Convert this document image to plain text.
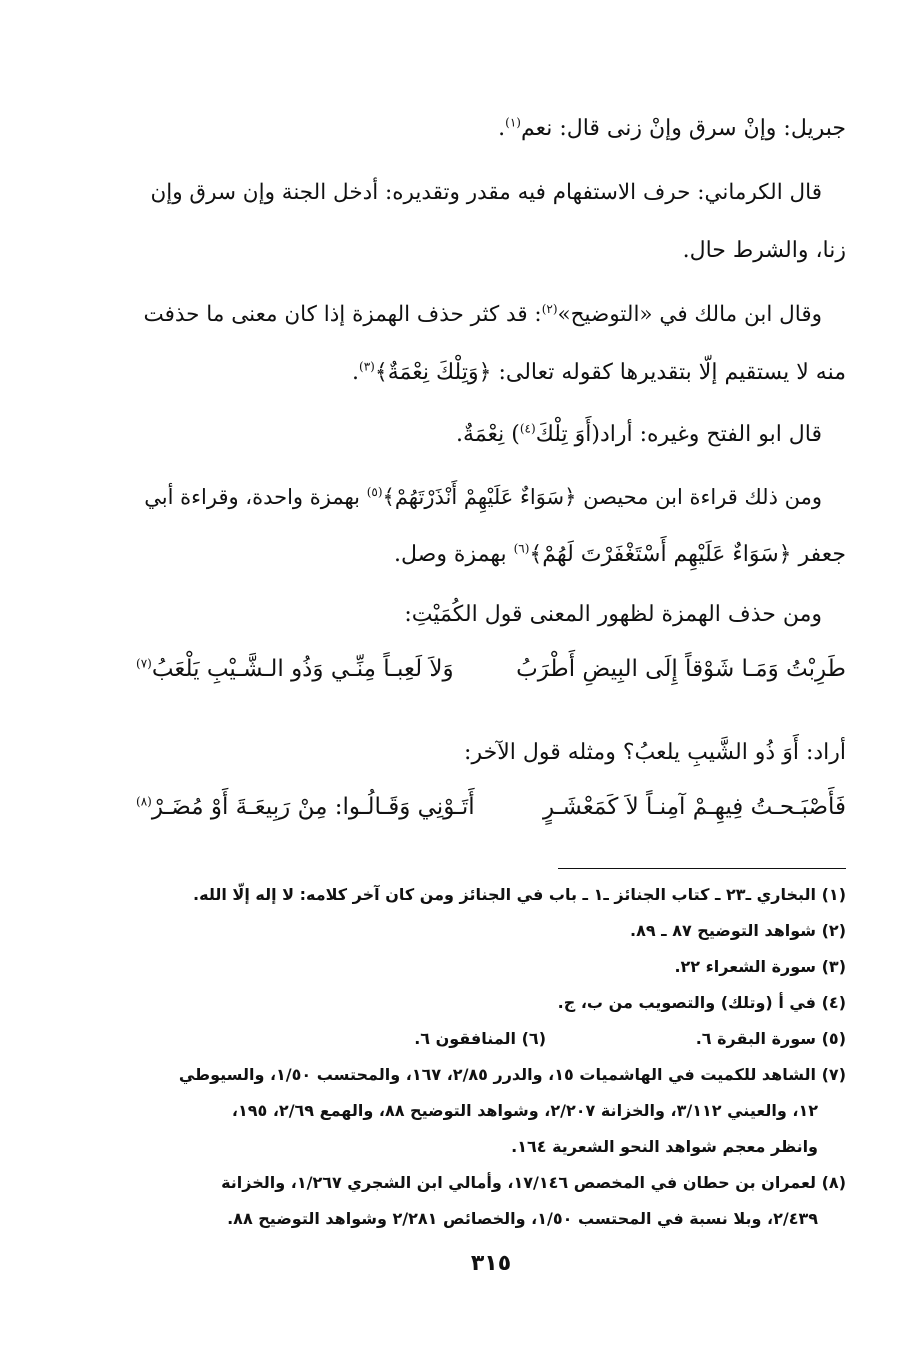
جبريل: وإنْ سرق وإنْ زنى قال: نعم$^{(١)}$.
قال الكرماني: حرف الاستفهام فيه مقدر وتقديره: أدخل الجنة وإن سرق وإن
زنا، والشرط حال.
وقال ابن مالك في «التوضيح»$^{(٢)}$: قد كثر حذف الهمزة إذا كان معنى ما حذفت
منه لا يستقيم إلّا بتقديرها كقوله تعالى: ﴿وَتِلْكَ نِعْمَةٌ﴾$^{(٣)}$.
قال ابو الفتح وغيره: أراد(أَوَ تِلْكَ$^{(٤)}$) نِعْمَةٌ.
ومن ذلك قراءة ابن محيصن ﴿سَوَاءٌ عَلَيْهِمْ أَنْذَرْتَهُمْ﴾$^{(٥)}$ بهمزة واحدة، وقراءة أبي
جعفر ﴿سَوَاءٌ عَلَيْهِم أَسْتَغْفَرْتَ لَهُمْ﴾$^{(٦)}$ بهمزة وصل.
ومن حذف الهمزة لظهور المعنى قول الكُمَيْتِ:
طَرِبْتُ وَمَـا شَوْقاً إِلَى البِيضِ أَطْرَبُ
وَلاَ لَعِبـاً مِنِّـي وَذُو الـشَّـيْبِ يَلْعَبُ$^{(٧)}$
أراد: أَوَ ذُو الشَّيبِ يلعبُ؟ ومثله قول الآخر:
فَأَصْبَـحـتُ فِيهِـمْ آمِنـاً لاَ كَمَعْشَـرٍ
أَتَـوْنِي وَقَـالُـوا: مِنْ رَبِيعَـةَ أَوْ مُضَـرْ$^{(٨)}$
(١) البخاري ـ٢٣ ـ كتاب الجنائز ـ١ ـ باب في الجنائز ومن كان آخر كلامه: لا إله إلّا الله.
(٢) شواهد التوضيح ٨٧ ـ ٨٩.
(٣) سورة الشعراء ٢٢.
(٤) في أ (وتلك) والتصويب من ب، ج.
(٥) سورة البقرة ٦.
(٦) المنافقون ٦.
(٧) الشاهد للكميت في الهاشميات ١٥، والدرر ٢/٨٥، ١٦٧، والمحتسب ١/٥٠، والسيوطي
١٢، والعيني ٣/١١٢، والخزانة ٢/٢٠٧، وشواهد التوضيح ٨٨، والهمع ٢/٦٩، ١٩٥،
وانظر معجم شواهد النحو الشعرية ١٦٤.
(٨) لعمران بن حطان في المخصص ١٧/١٤٦، وأمالي ابن الشجري ١/٢٦٧، والخزانة
٢/٤٣٩، وبلا نسبة في المحتسب ١/٥٠، والخصائص ٢/٢٨١ وشواهد التوضيح ٨٨.
٣١٥
